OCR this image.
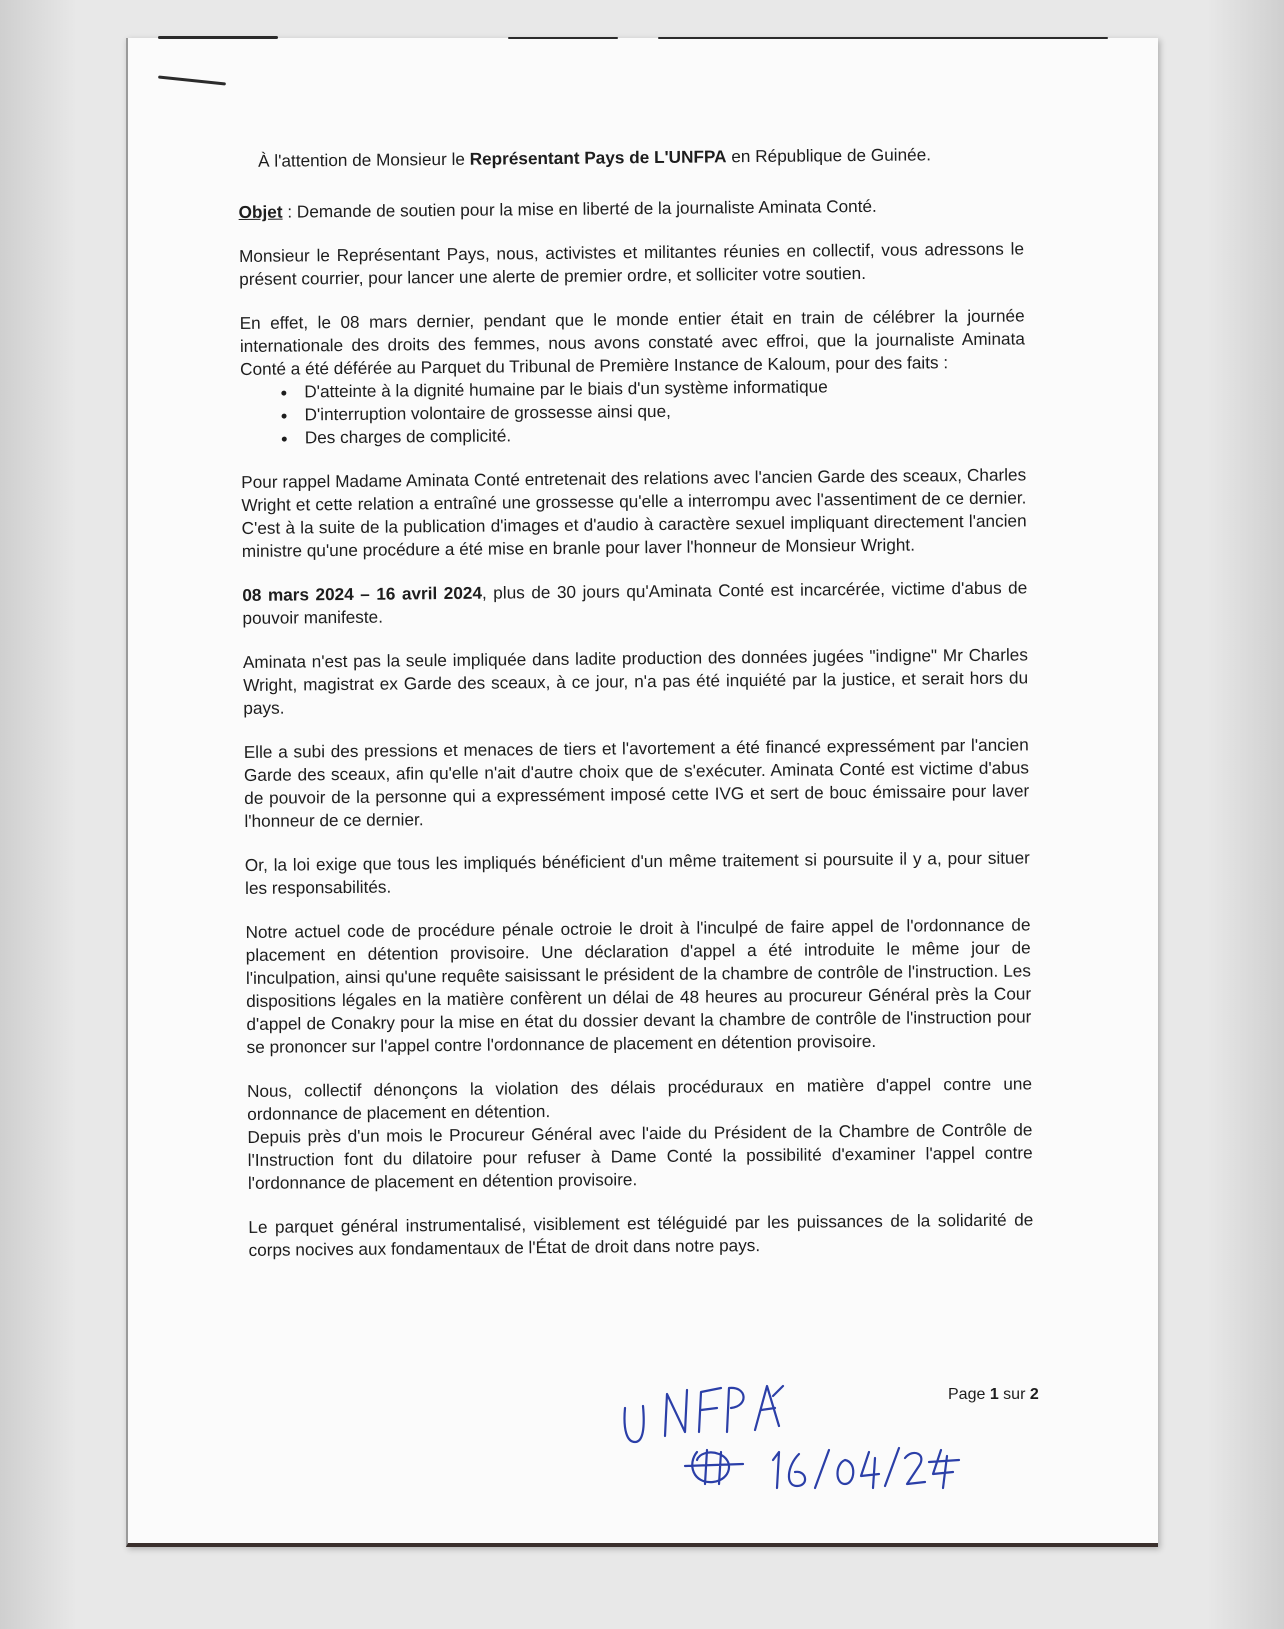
À l'attention de Monsieur le Représentant Pays de L'UNFPA en République de Guinée.
Objet : Demande de soutien pour la mise en liberté de la journaliste Aminata Conté.

Monsieur le Représentant Pays, nous, activistes et militantes réunies en collectif, vous adressons le présent courrier, pour lancer une alerte de premier ordre, et solliciter votre soutien.

En effet, le 08 mars dernier, pendant que le monde entier était en train de célébrer la journée internationale des droits des femmes, nous avons constaté avec effroi, que la journaliste Aminata Conté a été déférée au Parquet du Tribunal de Première Instance de Kaloum, pour des faits :

• D'atteinte à la dignité humaine par le biais d'un système informatique
• D'interruption volontaire de grossesse ainsi que,
• Des charges de complicité.

Pour rappel Madame Aminata Conté entretenait des relations avec l'ancien Garde des sceaux, Charles Wright et cette relation a entraîné une grossesse qu'elle a interrompu avec l'assentiment de ce dernier. C'est à la suite de la publication d'images et d'audio à caractère sexuel impliquant directement l'ancien ministre qu'une procédure a été mise en branle pour laver l'honneur de Monsieur Wright.

08 mars 2024 – 16 avril 2024, plus de 30 jours qu'Aminata Conté est incarcérée, victime d'abus de pouvoir manifeste.

Aminata n'est pas la seule impliquée dans ladite production des données jugées "indigne" Mr Charles Wright, magistrat ex Garde des sceaux, à ce jour, n'a pas été inquiété par la justice, et serait hors du pays.

Elle a subi des pressions et menaces de tiers et l'avortement a été financé expressément par l'ancien Garde des sceaux, afin qu'elle n'ait d'autre choix que de s'exécuter. Aminata Conté est victime d'abus de pouvoir de la personne qui a expressément imposé cette IVG et sert de bouc émissaire pour laver l'honneur de ce dernier.

Or, la loi exige que tous les impliqués bénéficient d'un même traitement si poursuite il y a, pour situer les responsabilités.

Notre actuel code de procédure pénale octroie le droit à l'inculpé de faire appel de l'ordonnance de placement en détention provisoire. Une déclaration d'appel a été introduite le même jour de l'inculpation, ainsi qu'une requête saisissant le président de la chambre de contrôle de l'instruction. Les dispositions légales en la matière confèrent un délai de 48 heures au procureur Général près la Cour d'appel de Conakry pour la mise en état du dossier devant la chambre de contrôle de l'instruction pour se prononcer sur l'appel contre l'ordonnance de placement en détention provisoire.

Nous, collectif dénonçons la violation des délais procéduraux en matière d'appel contre une ordonnance de placement en détention.

Depuis près d'un mois le Procureur Général avec l'aide du Président de la Chambre de Contrôle de l'Instruction font du dilatoire pour refuser à Dame Conté la possibilité d'examiner l'appel contre l'ordonnance de placement en détention provisoire.

Le parquet général instrumentalisé, visiblement est téléguidé par les puissances de la solidarité de corps nocives aux fondamentaux de l'État de droit dans notre pays.

Page 1 sur 2
